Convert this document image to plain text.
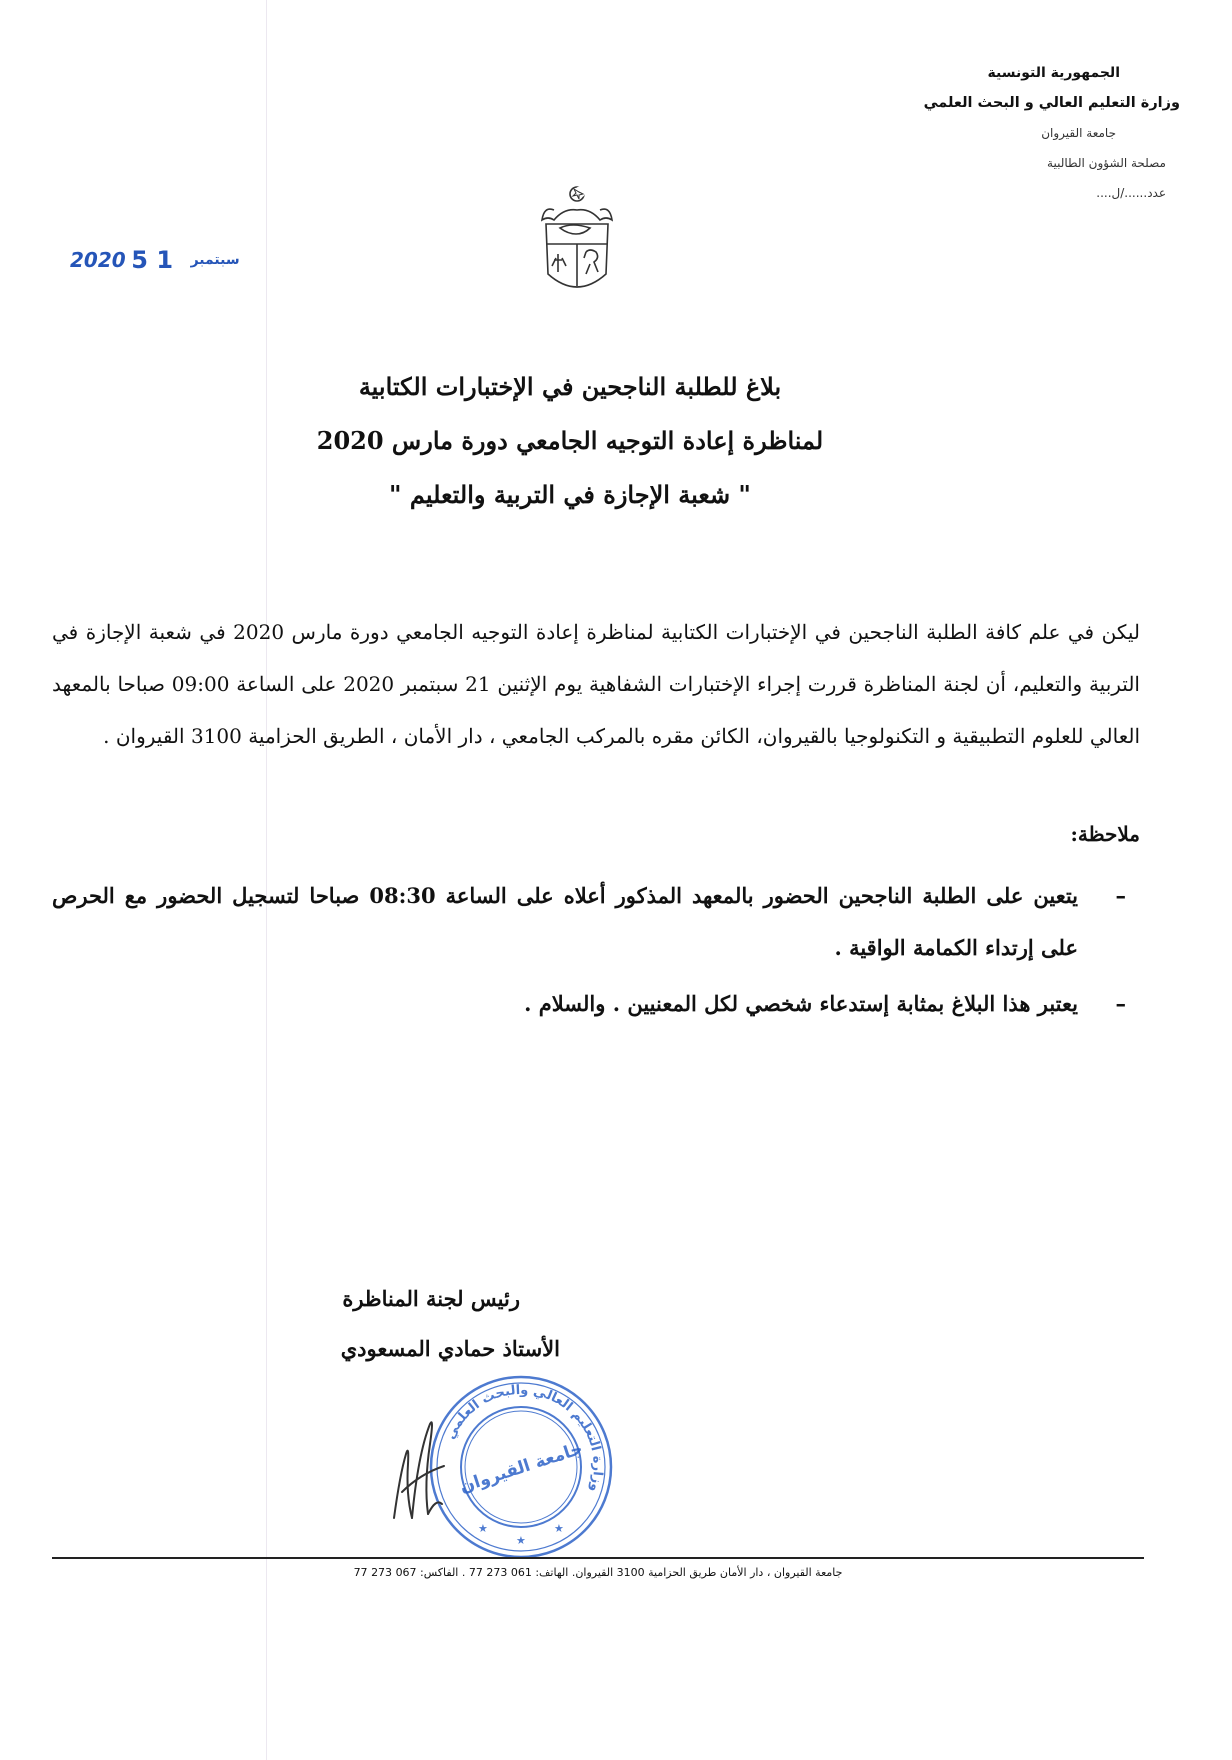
الجمهورية التونسية
وزارة التعليم العالي و البحث العلمي
جامعة القيروان
مصلحة الشؤون الطالبية
عدد....../ل....
2020	سبتمبر 1 5
بلاغ للطلبة الناجحين في الإختبارات الكتابية
لمناظرة إعادة التوجيه الجامعي دورة مارس 2020
" شعبة الإجازة في التربية والتعليم "

ليكن في علم كافة الطلبة الناجحين في الإختبارات الكتابية لمناظرة إعادة التوجيه الجامعي دورة مارس 2020 في شعبة الإجازة في التربية والتعليم، أن لجنة المناظرة قررت إجراء الإختبارات الشفاهية يوم الإثنين 21 سبتمبر 2020 على الساعة 09:00 صباحا بالمعهد العالي للعلوم التطبيقية و التكنولوجيا بالقيروان، الكائن مقره بالمركب الجامعي ، دار الأمان ، الطريق الحزامية 3100 القيروان .

ملاحظة:
–
يتعين على الطلبة الناجحين الحضور بالمعهد المذكور أعلاه على الساعة 08:30 صباحا لتسجيل الحضور مع الحرص على إرتداء الكمامة الواقية .
–
يعتبر هذا البلاغ بمثابة إستدعاء شخصي لكل المعنيين . والسلام .
رئيس لجنة المناظرة
الأستاذ حمادي المسعودي
وزارة التعليم العالي والبحث العلمي
جامعة القيروان
★	★
★
جامعة القيروان ، دار الأمان طريق الحزامية 3100 القيروان. الهاتف: 061 273 77 . الفاكس: 067 273 77
